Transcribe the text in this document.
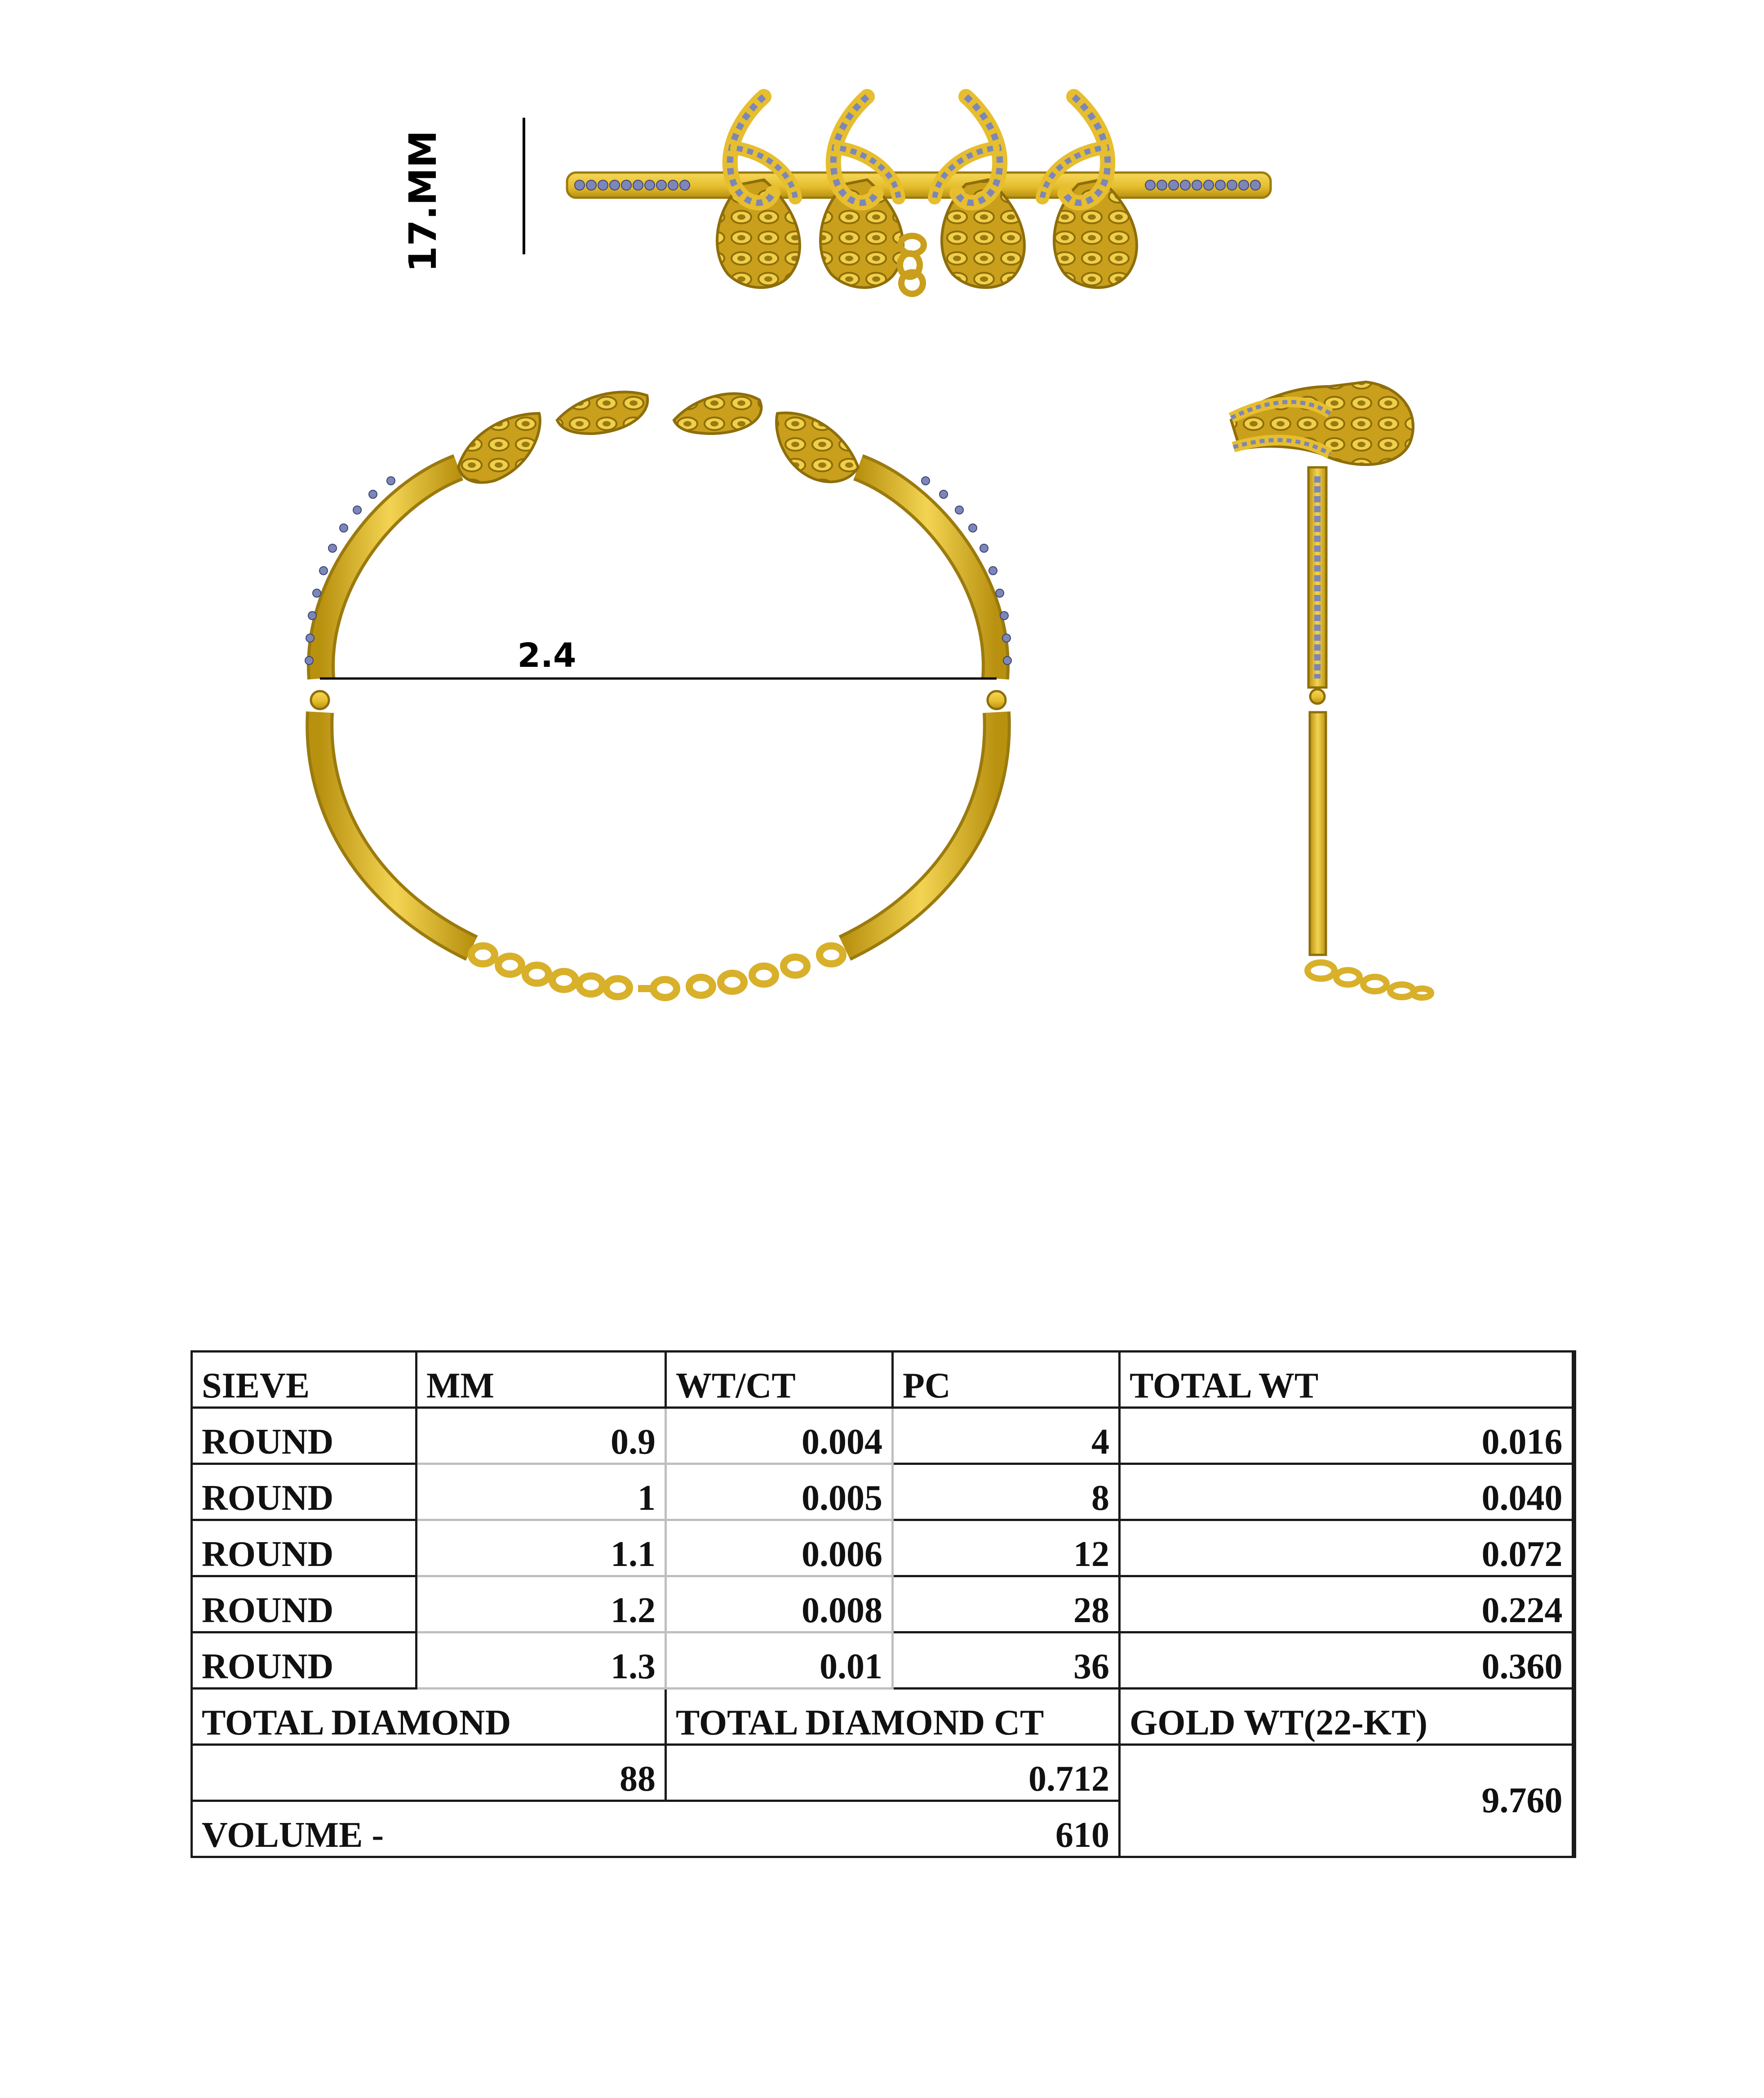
17.MM
2.4
SIEVE	MM	WT/CT	PC	TOTAL WT
ROUND	0.9	0.004	4	0.016
ROUND	1	0.005	8	0.040
ROUND	1.1	0.006	12	0.072
ROUND	1.2	0.008	28	0.224
ROUND	1.3	0.01	36	0.360
TOTAL DIAMOND		TOTAL DIAMOND CT		GOLD WT(22-KT)
88		0.712		9.760
VOLUME -		610		
